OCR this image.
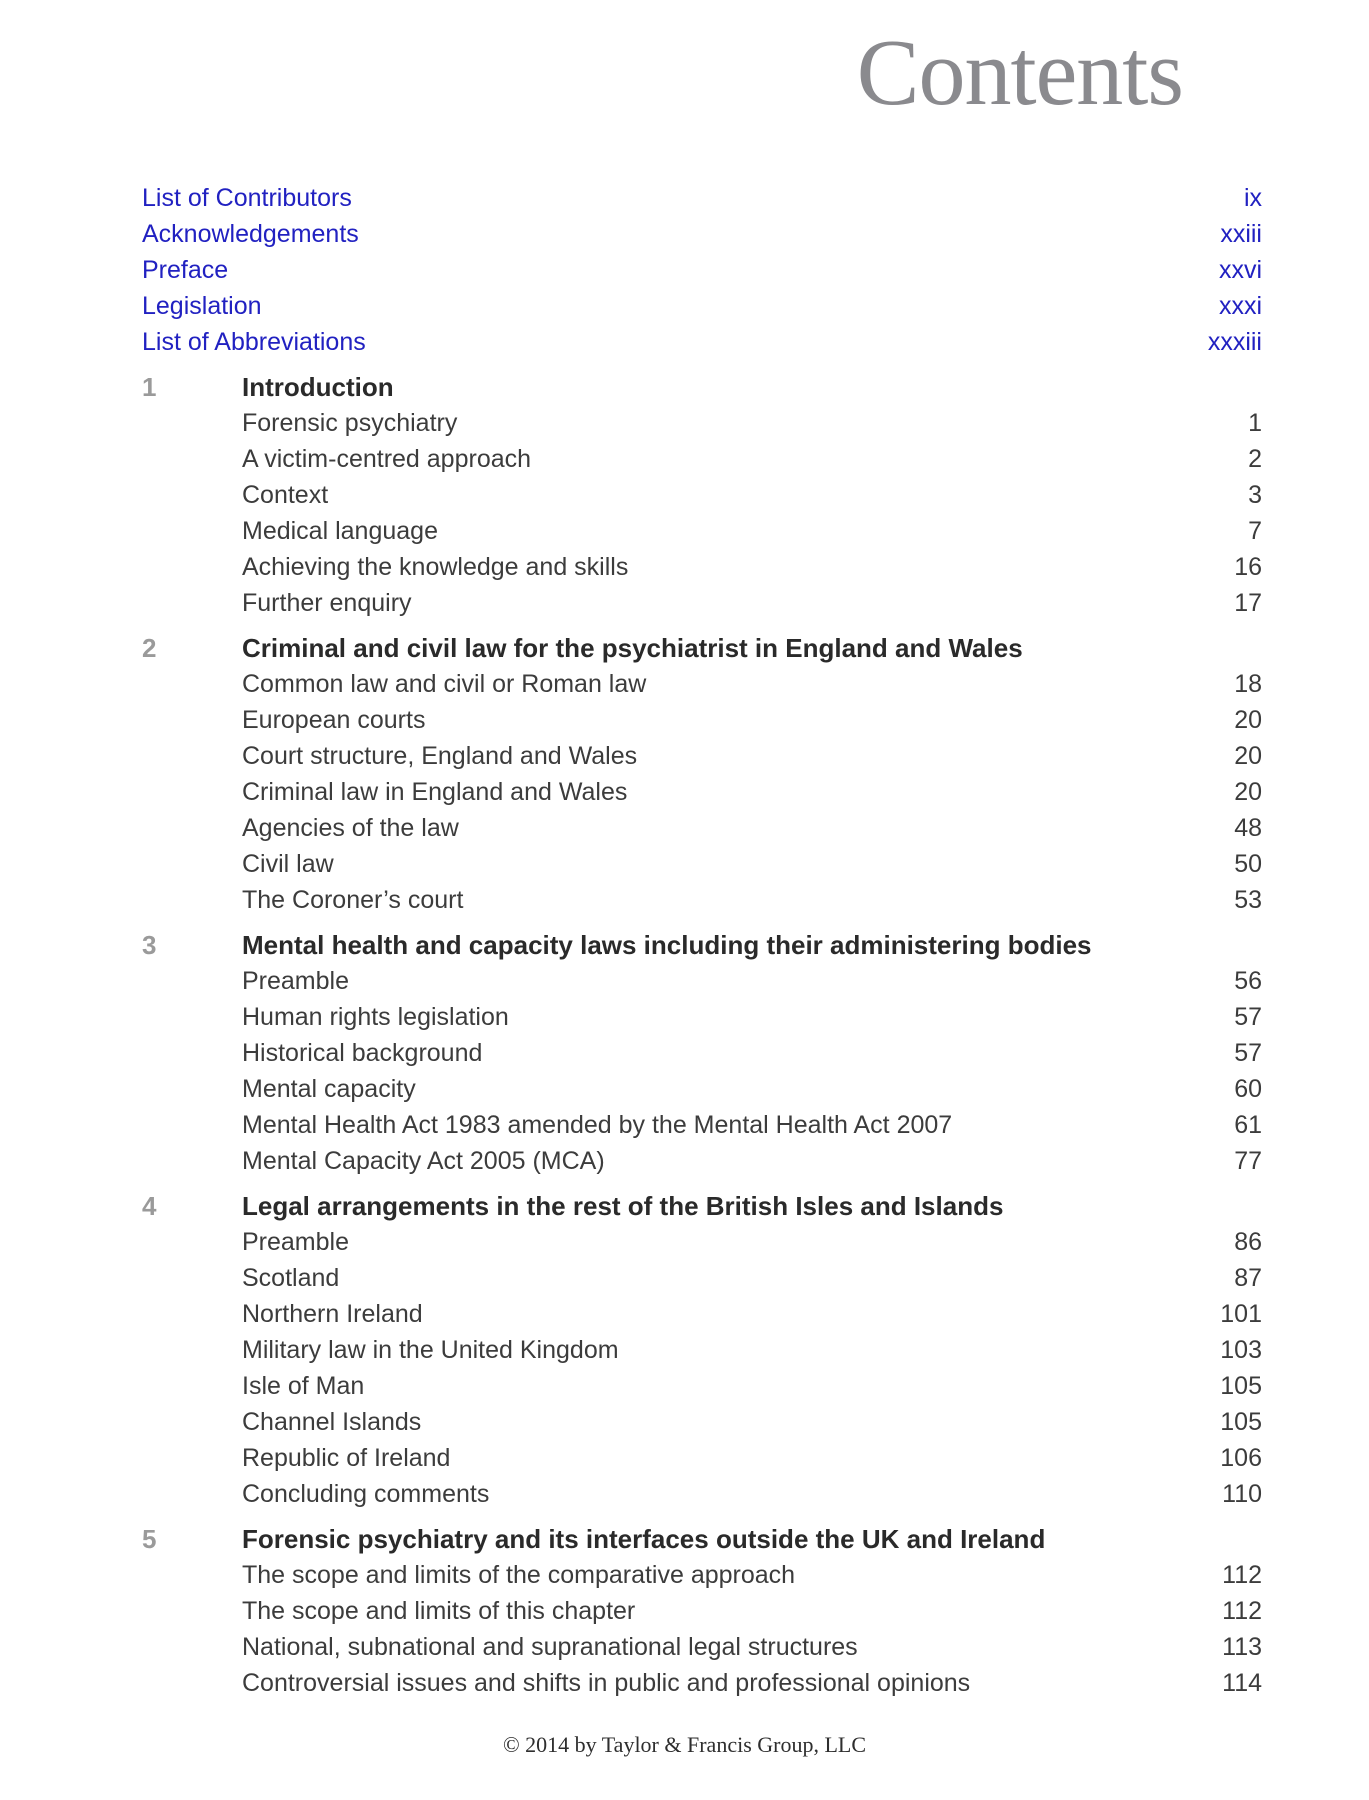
Contents
List of Contributors	ix
Acknowledgements	xxiii
Preface	xxvi
Legislation	xxxi
List of Abbreviations	xxxiii
1	Introduction
Forensic psychiatry	1
A victim-centred approach	2
Context	3
Medical language	7
Achieving the knowledge and skills	16
Further enquiry	17
2	Criminal and civil law for the psychiatrist in England and Wales
Common law and civil or Roman law	18
European courts	20
Court structure, England and Wales	20
Criminal law in England and Wales	20
Agencies of the law	48
Civil law	50
The Coroner’s court	53
3	Mental health and capacity laws including their administering bodies
Preamble	56
Human rights legislation	57
Historical background	57
Mental capacity	60
Mental Health Act 1983 amended by the Mental Health Act 2007	61
Mental Capacity Act 2005 (MCA)	77
4	Legal arrangements in the rest of the British Isles and Islands
Preamble	86
Scotland	87
Northern Ireland	101
Military law in the United Kingdom	103
Isle of Man	105
Channel Islands	105
Republic of Ireland	106
Concluding comments	110
5	Forensic psychiatry and its interfaces outside the UK and Ireland
The scope and limits of the comparative approach	112
The scope and limits of this chapter	112
National, subnational and supranational legal structures	113
Controversial issues and shifts in public and professional opinions	114
© 2014 by Taylor & Francis Group, LLC
